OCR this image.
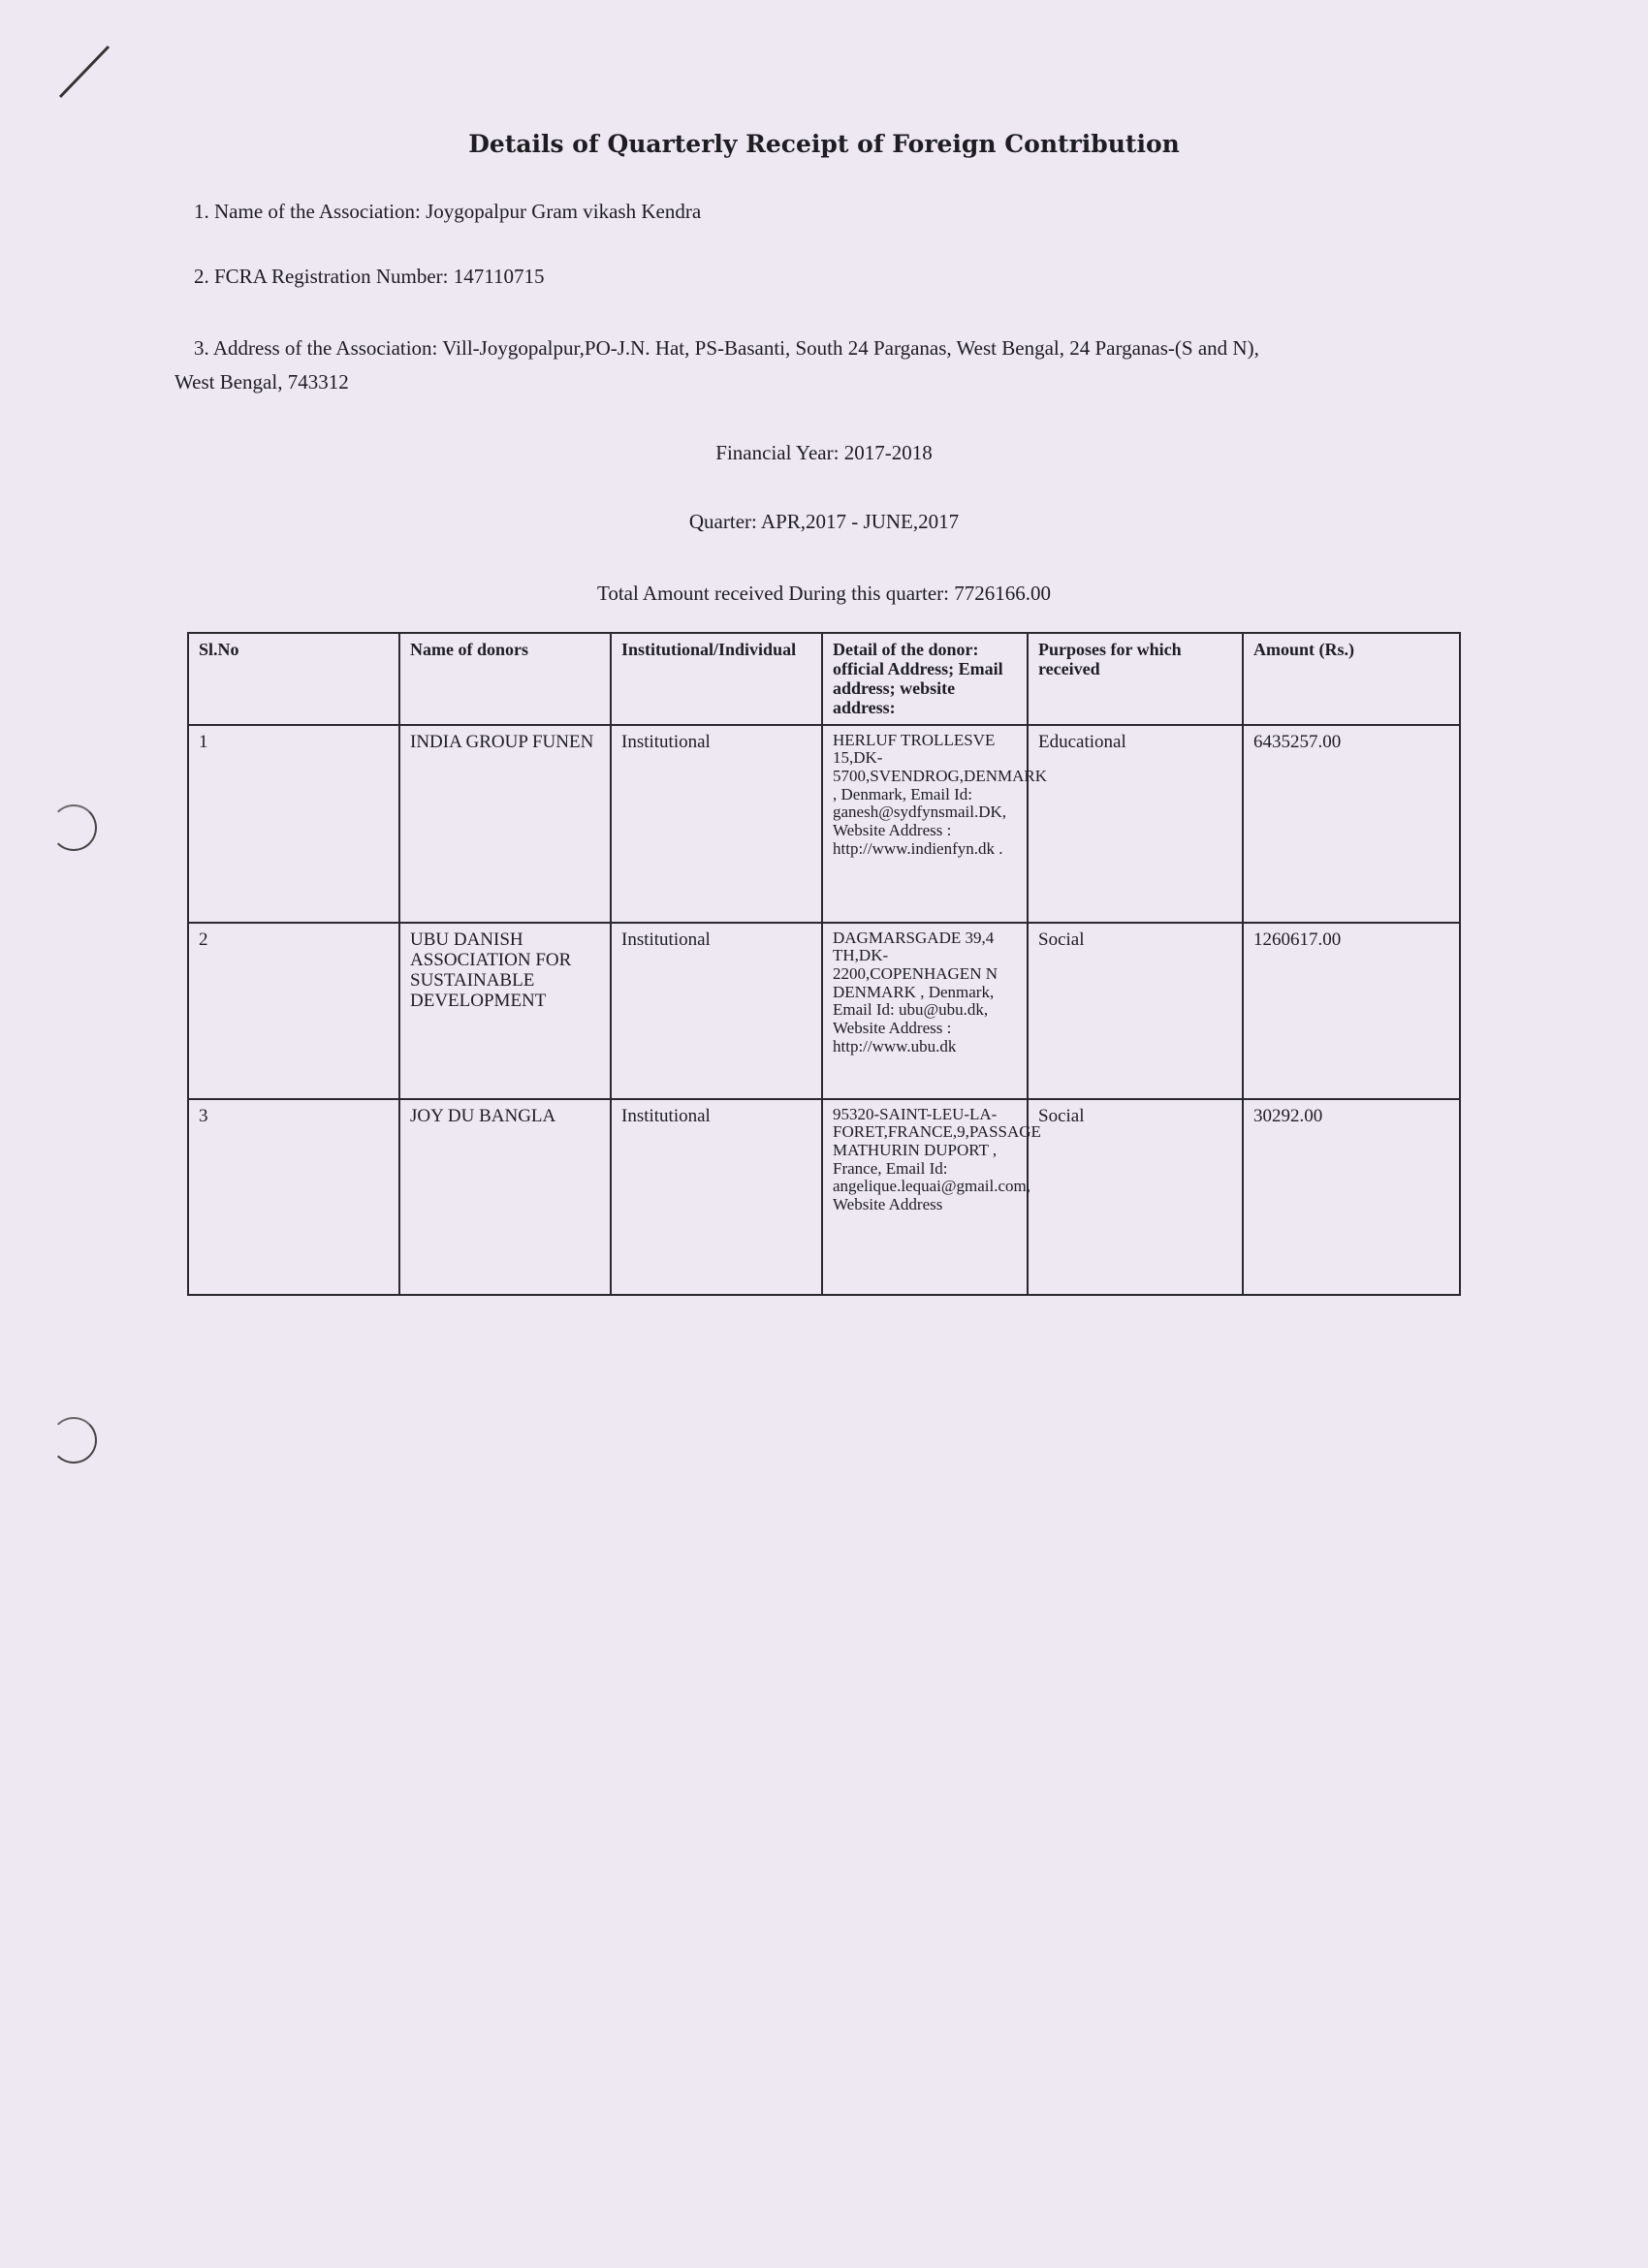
Details of Quarterly Receipt of Foreign Contribution
1. Name of the Association: Joygopalpur Gram vikash Kendra
2. FCRA Registration Number: 147110715
3. Address of the Association: Vill-Joygopalpur,PO-J.N. Hat, PS-Basanti, South 24 Parganas, West Bengal, 24 Parganas-(S and N),
West Bengal, 743312
Financial Year: 2017-2018
Quarter: APR,2017 - JUNE,2017
Total Amount received During this quarter: 7726166.00
Sl.No	Name of donors	Institutional/Individual	Detail of the donor: official Address; Email address; website address:	Purposes for which received	Amount (Rs.)
1	INDIA GROUP FUNEN	Institutional	HERLUF TROLLESVE 15,DK-5700,SVENDROG,DENMARK , Denmark, Email Id: ganesh@sydfynsmail.DK, Website Address : http://www.indienfyn.dk .	Educational	6435257.00
2	UBU DANISH ASSOCIATION FOR SUSTAINABLE DEVELOPMENT	Institutional	DAGMARSGADE 39,4 TH,DK-2200,COPENHAGEN N DENMARK , Denmark, Email Id: ubu@ubu.dk, Website Address : http://www.ubu.dk	Social	1260617.00
3	JOY DU BANGLA	Institutional	95320-SAINT-LEU-LA-FORET,FRANCE,9,PASSAGE MATHURIN DUPORT , France, Email Id: angelique.lequai@gmail.com, Website Address	Social	30292.00
